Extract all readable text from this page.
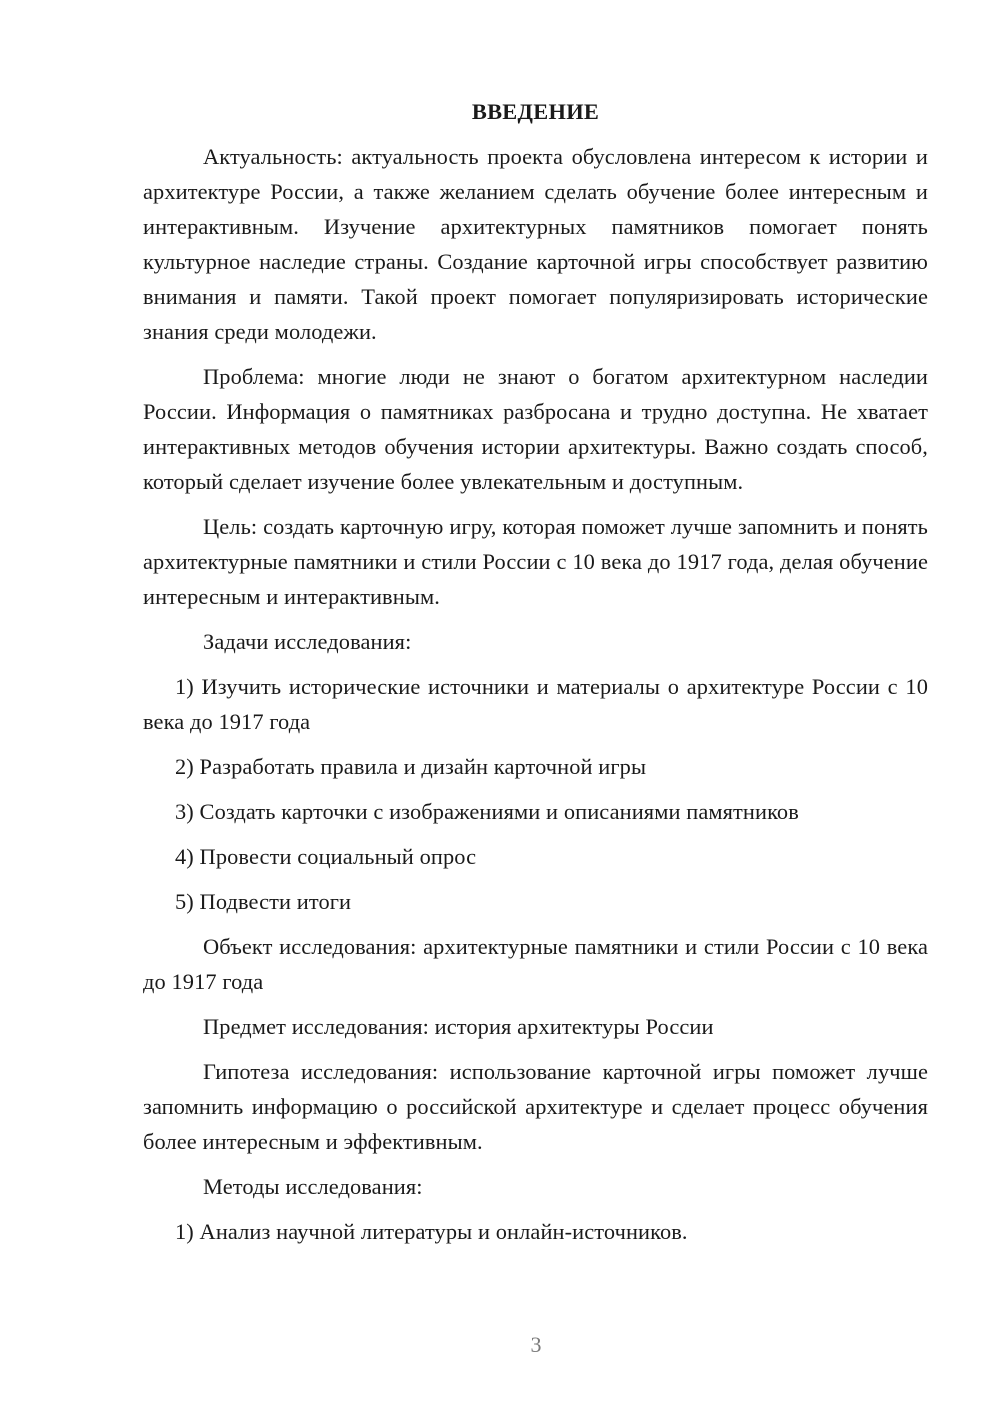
ВВЕДЕНИЕ

Актуальность: актуальность проекта обусловлена интересом к истории и архитектуре России, а также желанием сделать обучение более интересным и интерактивным. Изучение архитектурных памятников помогает понять культурное наследие страны. Создание карточной игры способствует развитию внимания и памяти. Такой проект помогает популяризировать исторические знания среди молодежи.

Проблема: многие люди не знают о богатом архитектурном наследии России. Информация о памятниках разбросана и трудно доступна. Не хватает интерактивных методов обучения истории архитектуры. Важно создать способ, который сделает изучение более увлекательным и доступным.

Цель: создать карточную игру, которая поможет лучше запомнить и понять архитектурные памятники и стили России с 10 века до 1917 года, делая обучение интересным и интерактивным.

Задачи исследования:

1) Изучить исторические источники и материалы о архитектуре России с 10 века до 1917 года

2) Разработать правила и дизайн карточной игры

3) Создать карточки с изображениями и описаниями памятников

4) Провести социальный опрос

5) Подвести итоги

Объект исследования: архитектурные памятники и стили России с 10 века до 1917 года

Предмет исследования: история архитектуры России

Гипотеза исследования: использование карточной игры поможет лучше запомнить информацию о российской архитектуре и сделает процесс обучения более интересным и эффективным.

Методы исследования:

1) Анализ научной литературы и онлайн-источников.

3
